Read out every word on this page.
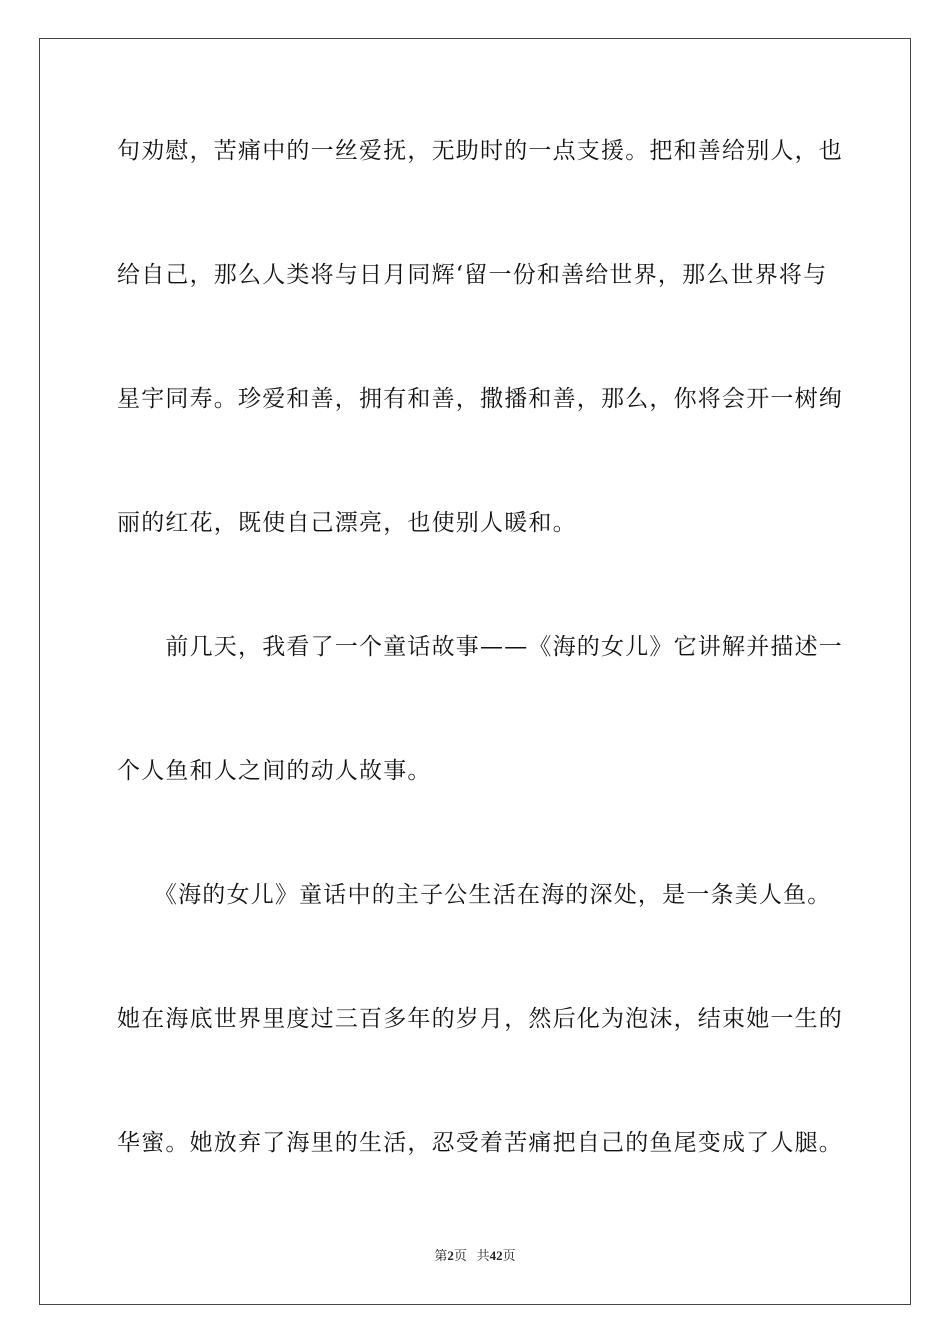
句劝慰，苦痛中的一丝爱抚，无助时的一点支援。把和善给别人，也
给自己，那么人类将与日月同辉‘留一份和善给世界，那么世界将与
星宇同寿。珍爱和善，拥有和善，撒播和善，那么，你将会开一树绚
丽的红花，既使自己漂亮，也使别人暖和。
　　前几天，我看了一个童话故事——《海的女儿》它讲解并描述一
个人鱼和人之间的动人故事。
　　《海的女儿》童话中的主子公生活在海的深处，是一条美人鱼。
她在海底世界里度过三百多年的岁月，然后化为泡沫，结束她一生的
华蜜。她放弃了海里的生活，忍受着苦痛把自己的鱼尾变成了人腿。
第2页 共42页
